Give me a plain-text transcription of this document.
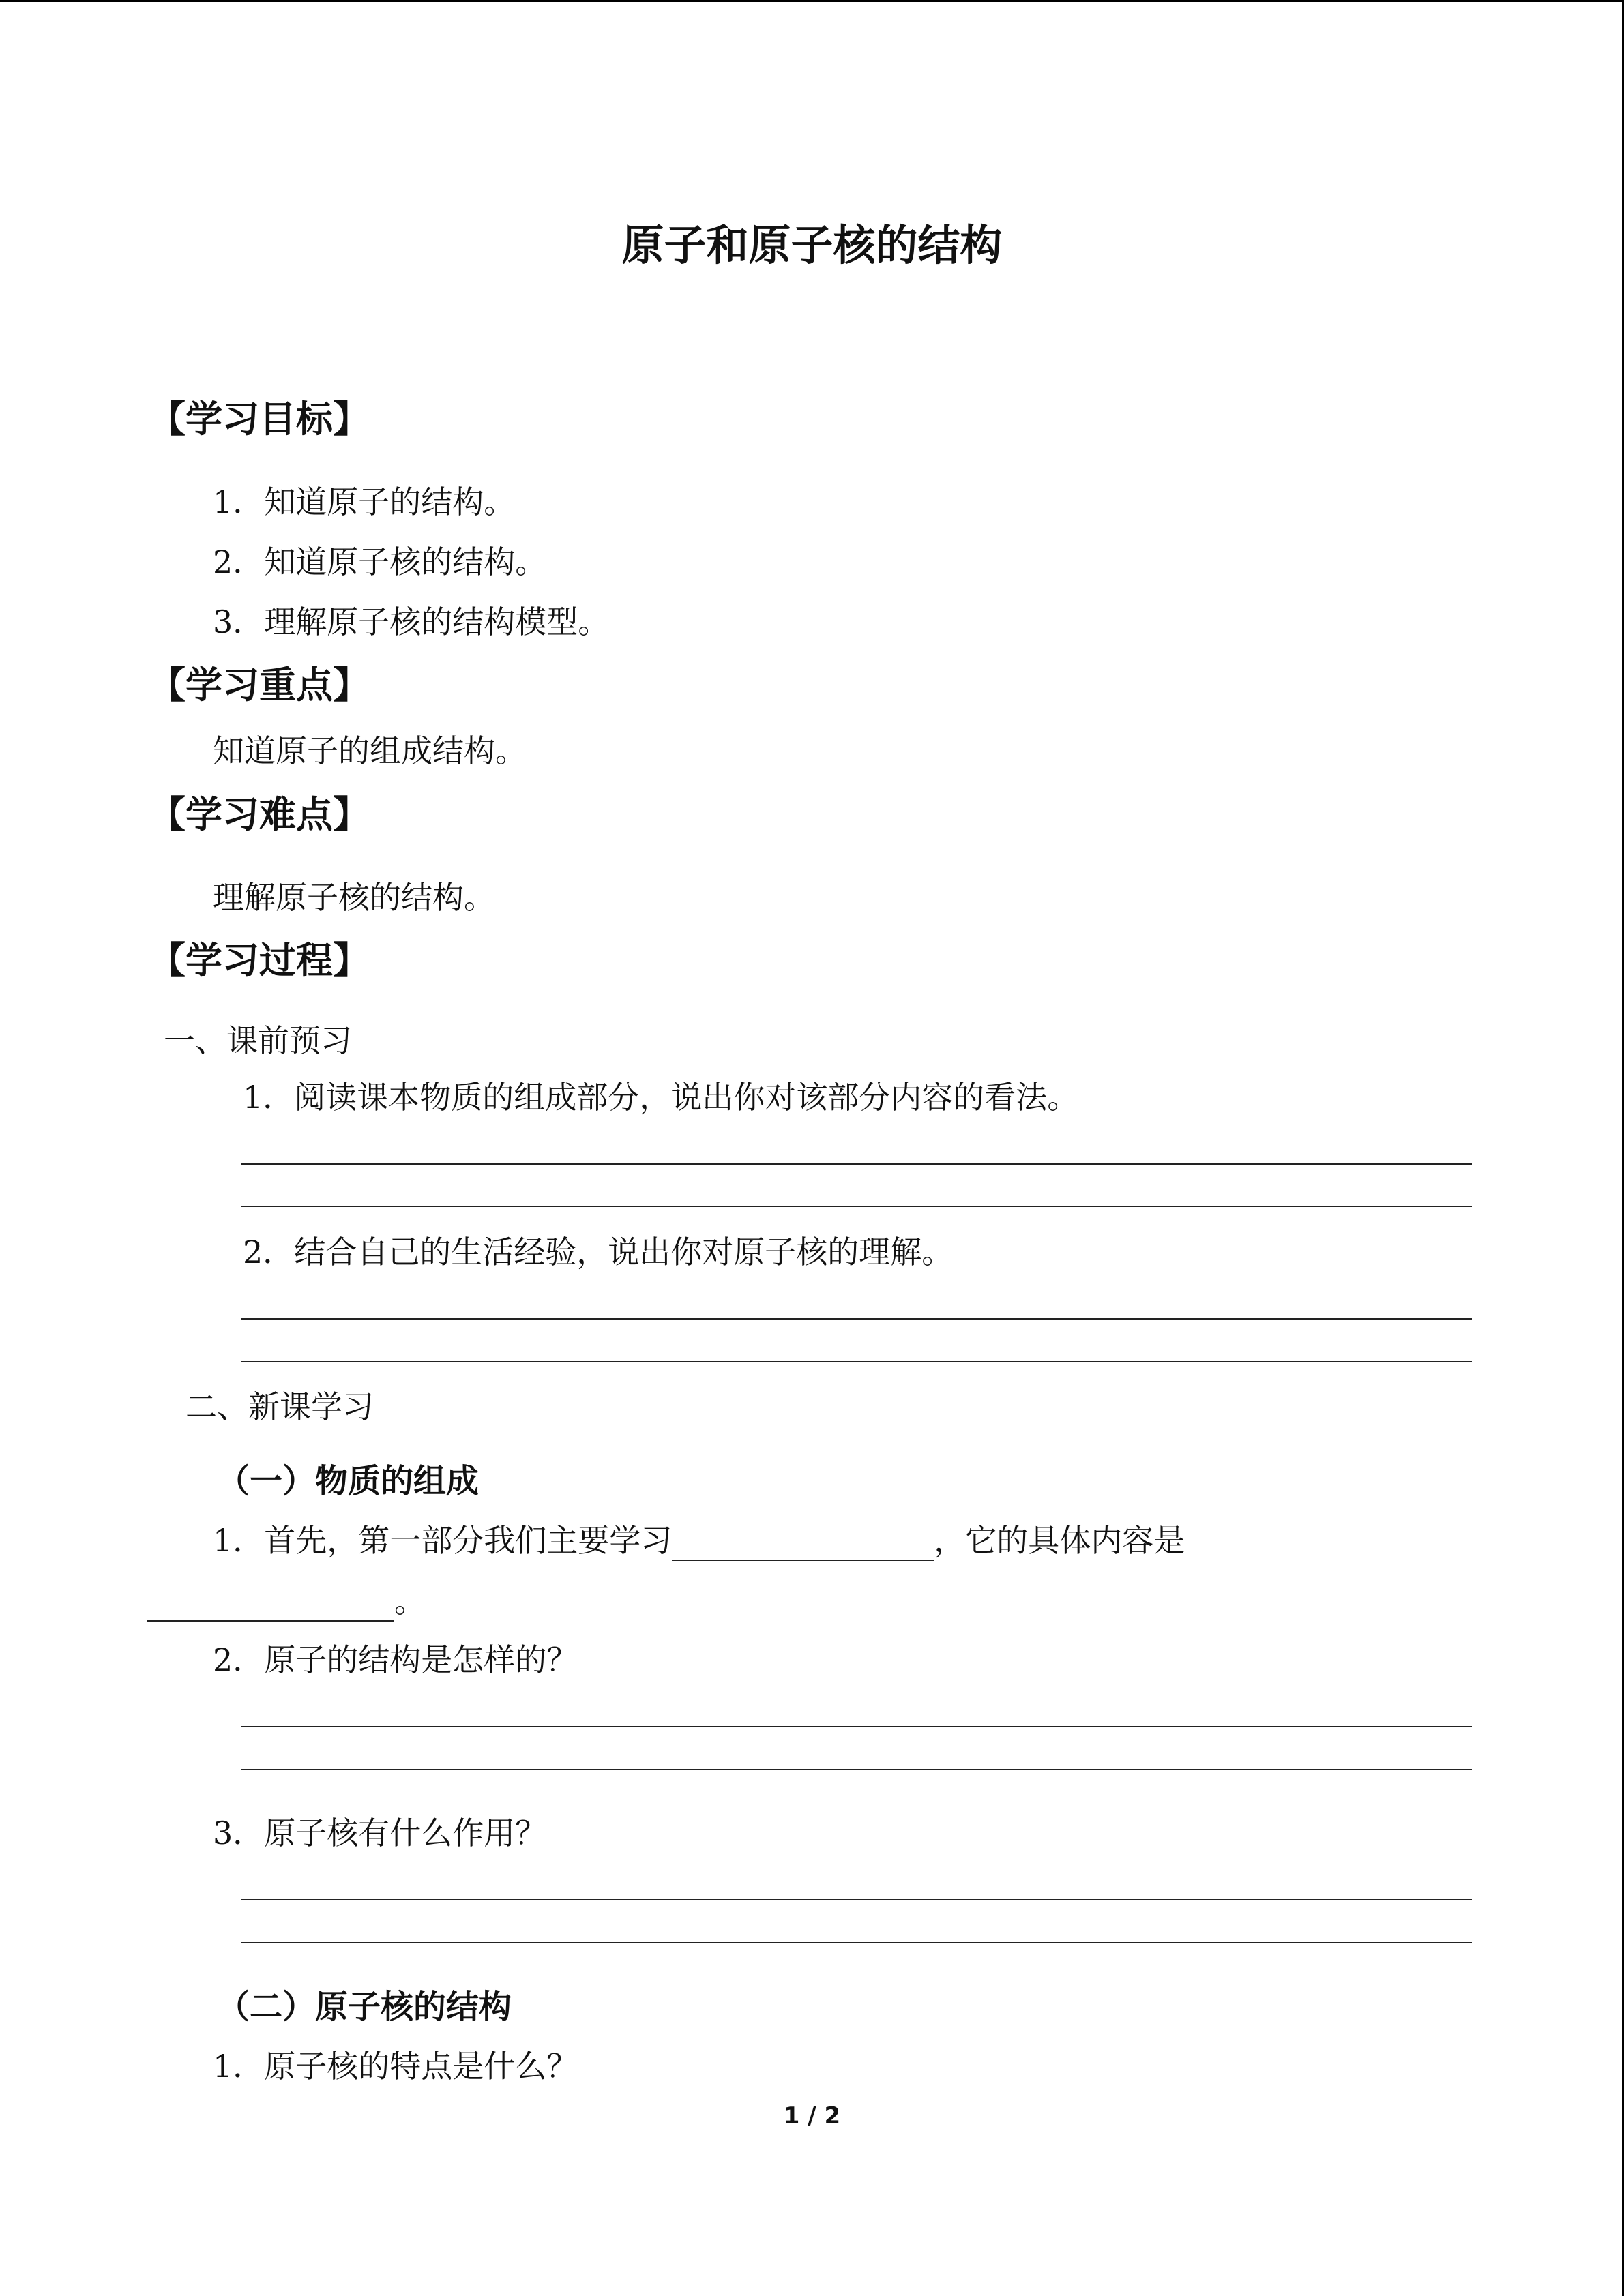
原子和原子核的结构
【学习目标】
1．知道原子的结构。
2．知道原子核的结构。
3．理解原子核的结构模型。
【学习重点】
知道原子的组成结构。
【学习难点】
理解原子核的结构。
【学习过程】
一、课前预习
1．阅读课本物质的组成部分，说出你对该部分内容的看法。
2．结合自己的生活经验，说出你对原子核的理解。
二、新课学习
（一）物质的组成
1．首先，第一部分我们主要学习	，它的具体内容是
。
2．原子的结构是怎样的？
3．原子核有什么作用？
（二）原子核的结构
1．原子核的特点是什么？
1 / 2
